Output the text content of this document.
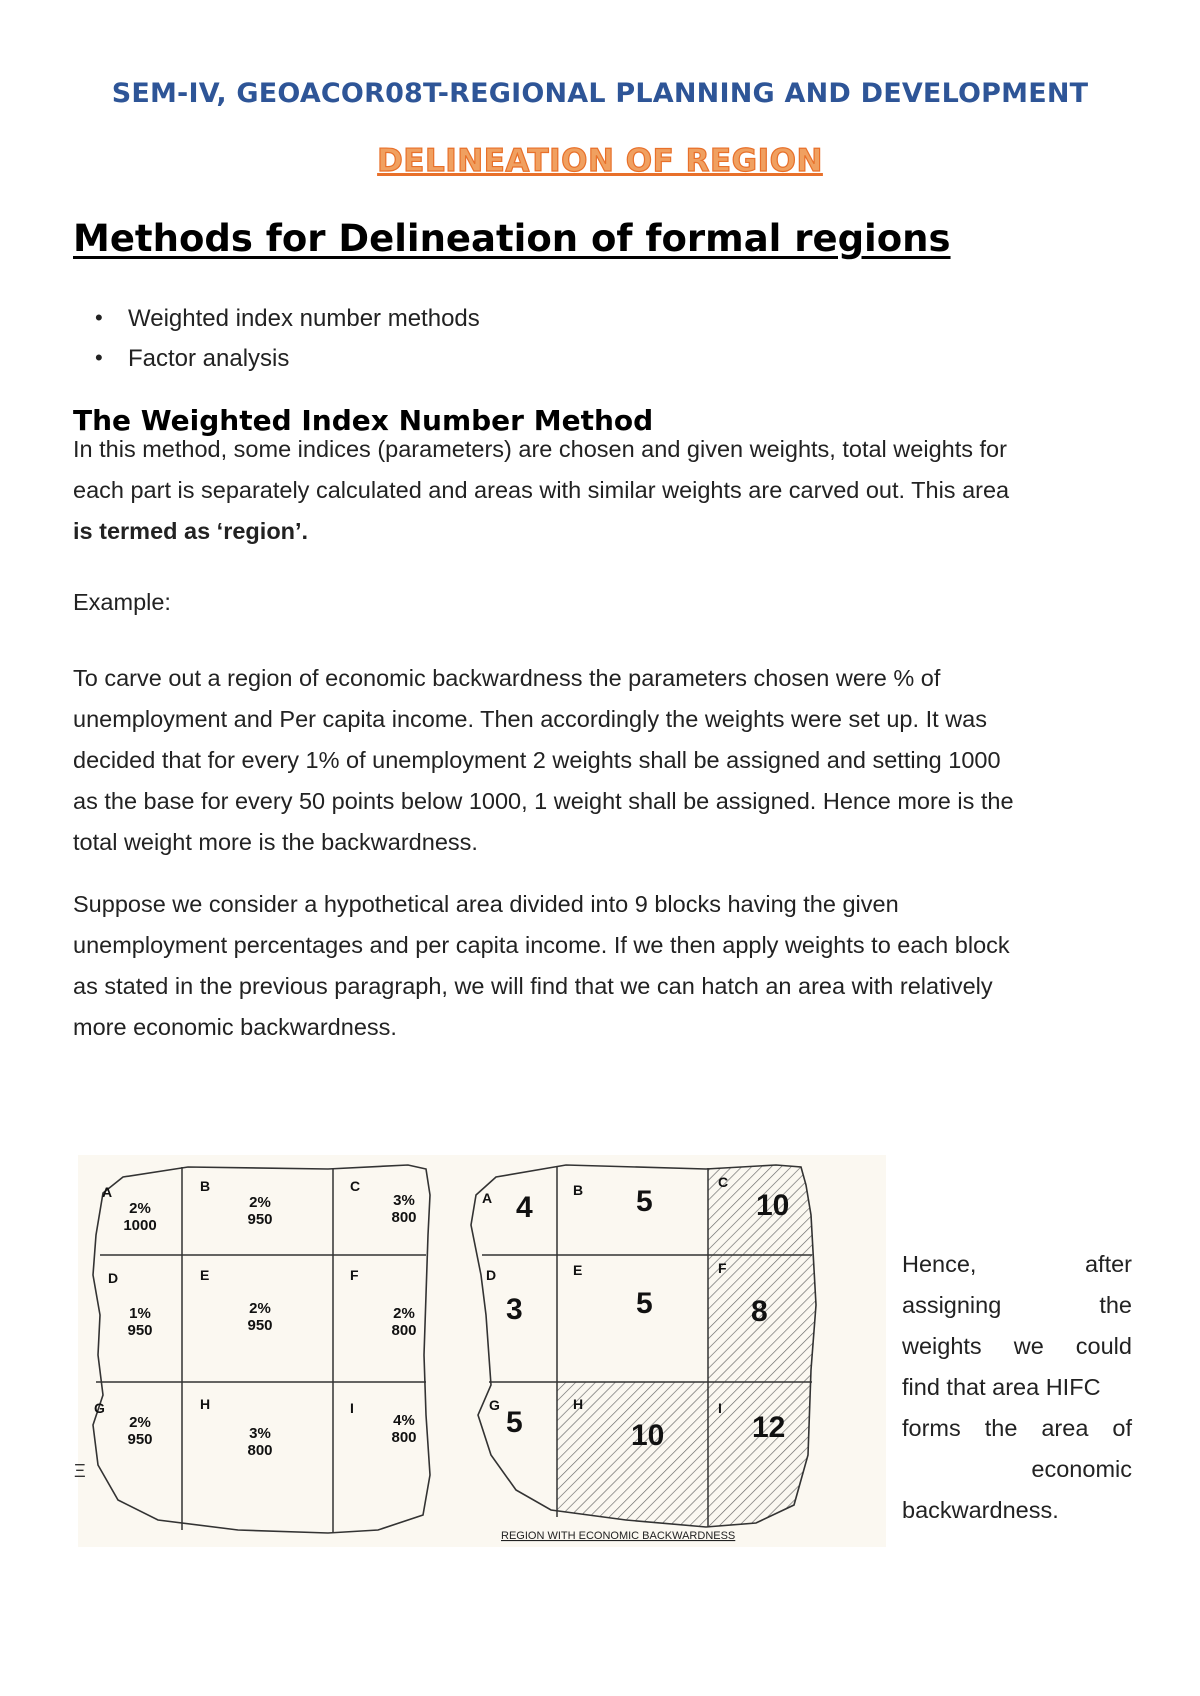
SEM-IV, GEOACOR08T-REGIONAL PLANNING AND DEVELOPMENT
DELINEATION OF REGION
Methods for Delineation of formal regions
• Weighted index number methods
• Factor analysis
The Weighted Index Number Method
In this method, some indices (parameters) are chosen and given weights, total weights for
each part is separately calculated and areas with similar weights are carved out. This area
is termed as ‘region’.
Example:
To carve out a region of economic backwardness the parameters chosen were % of
unemployment and Per capita income. Then accordingly the weights were set up. It was
decided that for every 1% of unemployment 2 weights shall be assigned and setting 1000
as the base for every 50 points below 1000, 1 weight shall be assigned. Hence more is the
total weight more is the backwardness.
Suppose we consider a hypothetical area divided into 9 blocks having the given
unemployment percentages and per capita income. If we then apply weights to each block
as stated in the previous paragraph, we will find that we can hatch an area with relatively
more economic backwardness.
A
2%
1000
B
2%
950
C
3%
800
D
1%
950
E
2%
950
F
2%
800
G
2%
950
H
3%
800
I
4%
800
A 4
B 5
C
10
D
3
E
5
F
8
G
5
H
10
I
12
REGION WITH ECONOMIC BACKWARDNESS
Ξ
Hence,	after
assigning	the
weights we could
find that area HIFC
forms the area of
economic
backwardness.
